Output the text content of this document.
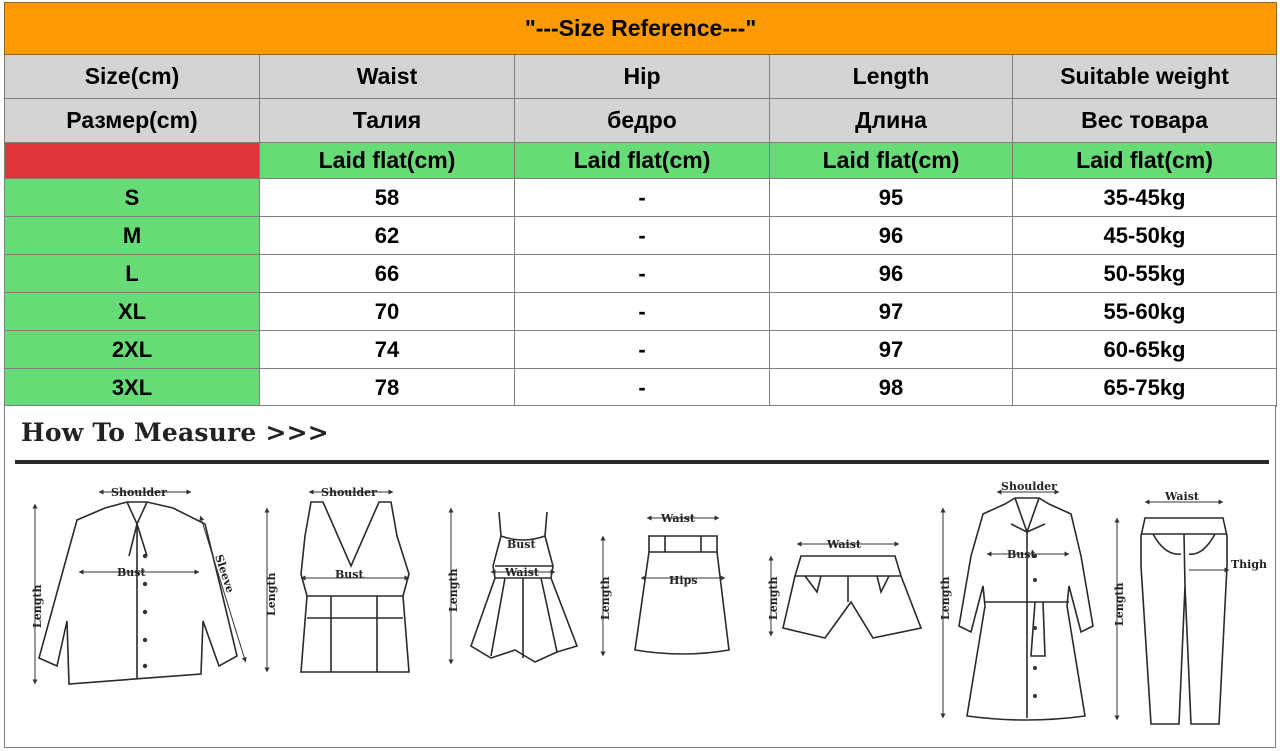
"---Size Reference---"				
Size(cm)	Waist	Hip	Length	Suitable weight
Размер(cm)	Талия	бедро	Длина	Вес товара
	Laid flat(cm)	Laid flat(cm)	Laid flat(cm)	Laid flat(cm)
S	58	-	95	35-45kg
M	62	-	96	45-50kg
L	66	-	96	50-55kg
XL	70	-	97	55-60kg
2XL	74	-	97	60-65kg
3XL	78	-	98	65-75kg
How To Measure >>>
Shoulder
Bust
Length
Sleeve
Shoulder
Bust
Length
Bust
Waist
Length
Waist
Hips
Length
Waist
Length
Shoulder
Bust
Length
Waist
Thigh
Length
